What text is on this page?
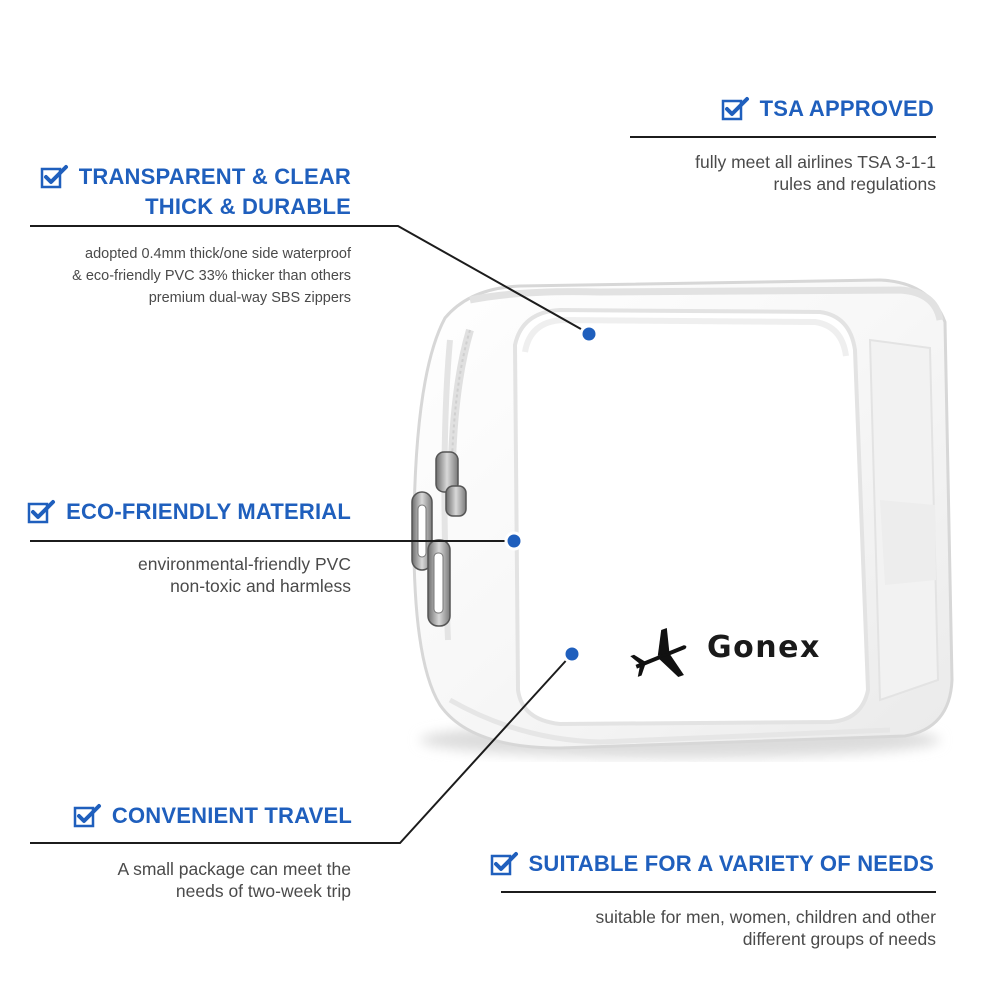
Gonex
TSA APPROVED
fully meet all airlines TSA 3-1-1
rules and regulations
TRANSPARENT & CLEAR
THICK & DURABLE
adopted 0.4mm thick/one side waterproof
& eco-friendly PVC 33% thicker than others
premium dual-way SBS zippers
ECO-FRIENDLY MATERIAL
environmental-friendly PVC
non-toxic and harmless
CONVENIENT TRAVEL
A small package can meet the
needs of two-week trip
SUITABLE FOR A VARIETY OF NEEDS
suitable for men, women, children and other
different groups of needs
